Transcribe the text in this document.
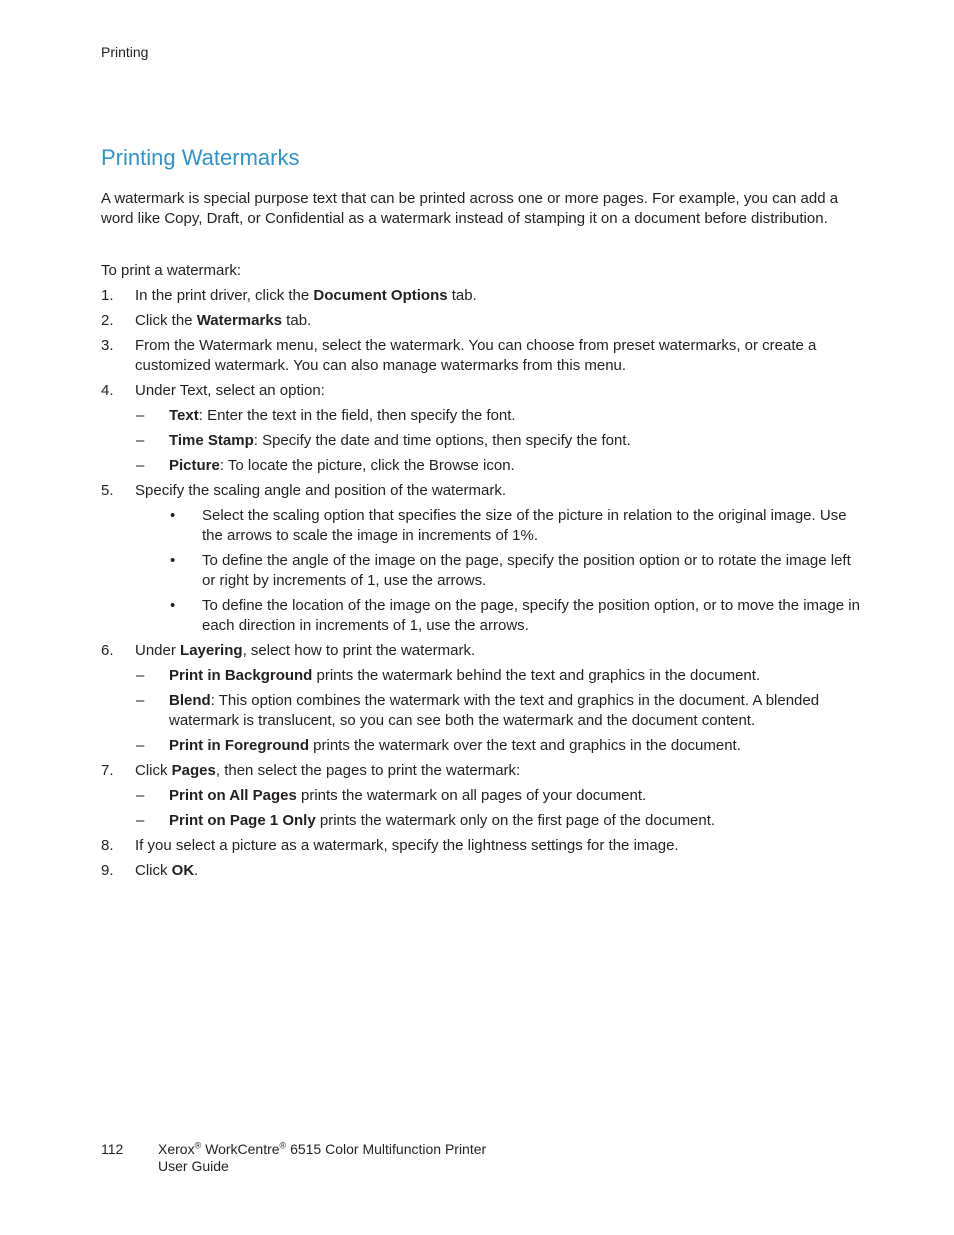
Printing
Printing Watermarks

A watermark is special purpose text that can be printed across one or more pages. For example, you can add a word like Copy, Draft, or Confidential as a watermark instead of stamping it on a document before distribution.

To print a watermark:

1. In the print driver, click the Document Options tab.
2. Click the Watermarks tab.
3. From the Watermark menu, select the watermark. You can choose from preset watermarks, or create a customized watermark. You can also manage watermarks from this menu.
4. Under Text, select an option:
– Text: Enter the text in the field, then specify the font.
– Time Stamp: Specify the date and time options, then specify the font.
– Picture: To locate the picture, click the Browse icon.
5. Specify the scaling angle and position of the watermark.
• Select the scaling option that specifies the size of the picture in relation to the original image. Use the arrows to scale the image in increments of 1%.
• To define the angle of the image on the page, specify the position option or to rotate the image left or right by increments of 1, use the arrows.
• To define the location of the image on the page, specify the position option, or to move the image in each direction in increments of 1, use the arrows.
6. Under Layering, select how to print the watermark.
– Print in Background prints the watermark behind the text and graphics in the document.
– Blend: This option combines the watermark with the text and graphics in the document. A blended watermark is translucent, so you can see both the watermark and the document content.
– Print in Foreground prints the watermark over the text and graphics in the document.
7. Click Pages, then select the pages to print the watermark:
– Print on All Pages prints the watermark on all pages of your document.
– Print on Page 1 Only prints the watermark only on the first page of the document.
8. If you select a picture as a watermark, specify the lightness settings for the image.
9. Click OK.
112 Xerox® WorkCentre® 6515 Color Multifunction Printer
User Guide
